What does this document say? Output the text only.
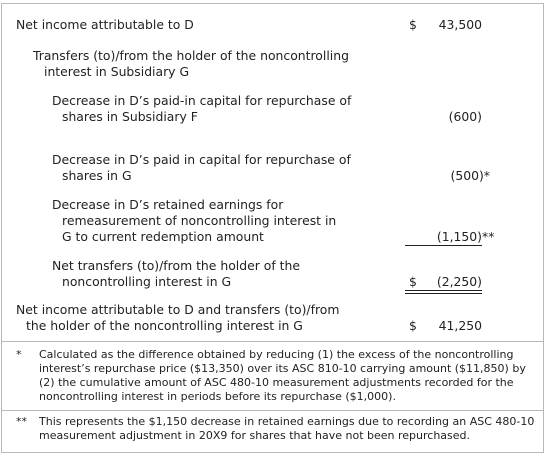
Net income attributable to D	$ 43,500
Transfers (to)/from the holder of the noncontrolling
interest in Subsidiary G
Decrease in D’s paid-in capital for repurchase of
shares in Subsidiary F	(600)
Decrease in D’s paid in capital for repurchase of
shares in G	(500)*
Decrease in D’s retained earnings for
remeasurement of noncontrolling interest in
G to current redemption amount	(1,150) **
Net transfers (to)/from the holder of the
noncontrolling interest in G	$ (2,250)
Net income attributable to D and transfers (to)/from
the holder of the noncontrolling interest in G	$ 41,250
* Calculated as the difference obtained by reducing (1) the excess of the noncontrolling
interest’s repurchase price ($13,350) over its ASC 810-10 carrying amount ($11,850) by
(2) the cumulative amount of ASC 480-10 measurement adjustments recorded for the
noncontrolling interest in periods before its repurchase ($1,000).
** This represents the $1,150 decrease in retained earnings due to recording an ASC 480-10
measurement adjustment in 20X9 for shares that have not been repurchased.
